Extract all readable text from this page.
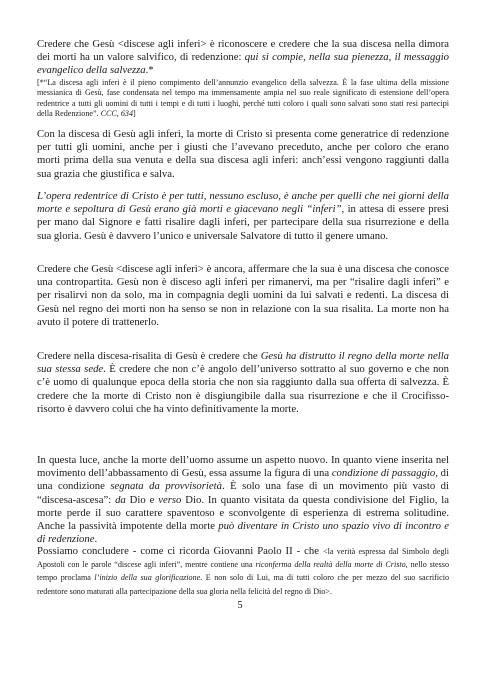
Credere che Gesù <discese agli inferi> è riconoscere e credere che la sua discesa nella dimora dei morti ha un valore salvifico, di redenzione: qui si compie, nella sua pienezza, il messaggio evangelico della salvezza.*

[*“La discesa agli inferi è il pieno compimento dell’annunzio evangelico della salvezza. È la fase ultima della missione messianica di Gesù, fase condensata nel tempo ma immensamente ampia nel suo reale significato di estensione dell’opera redentrice a tutti gli uomini di tutti i tempi e di tutti i luoghi, perché tutti coloro i quali sono salvati sono stati resi partecipi della Redenzione”. CCC, 634]

Con la discesa di Gesù agli inferi, la morte di Cristo si presenta come generatrice di redenzione per tutti gli uomini, anche per i giusti che l’avevano preceduto, anche per coloro che erano morti prima della sua venuta e della sua discesa agli inferi: anch’essi vengono raggiunti dalla sua grazia che giustifica e salva.

L’opera redentrice di Cristo è per tutti, nessuno escluso, è anche per quelli che nei giorni della morte e sepoltura di Gesù erano già morti e giacevano negli “inferi”, in attesa di essere presi per mano dal Signore e fatti risalire dagli inferi, per partecipare della sua risurrezione e della sua gloria. Gesù è davvero l’unico e universale Salvatore di tutto il genere umano.

Credere che Gesù <discese agli inferi> è ancora, affermare che la sua è una discesa che conosce una contropartita. Gesù non è disceso agli inferi per rimanervi, ma per “risalire dagli inferi” e per risalirvi non da solo, ma in compagnia degli uomini da lui salvati e redenti. La discesa di Gesù nel regno dei morti non ha senso se non in relazione con la sua risalita. La morte non ha avuto il potere di trattenerlo.

Credere nella discesa-risalita di Gesù è credere che Gesù ha distrutto il regno della morte nella sua stessa sede. È credere che non c’è angolo dell’universo sottratto al suo governo e che non c’è uomo di qualunque epoca della storia che non sia raggiunto dalla sua offerta di salvezza. È credere che la morte di Cristo non è disgiungibile dalla sua risurrezione e che il Crocifisso-risorto è davvero colui che ha vinto definitivamente la morte.

In questa luce, anche la morte dell’uomo assume un aspetto nuovo. In quanto viene inserita nel movimento dell’abbassamento di Gesù, essa assume la figura di una condizione di passaggio, di una condizione segnata da provvisorietà. È solo una fase di un movimento più vasto di “discesa-ascesa”: da Dio e verso Dio. In quanto visitata da questa condivisione del Figlio, la morte perde il suo carattere spaventoso e sconvolgente di esperienza di estrema solitudine. Anche la passività impotente della morte può diventare in Cristo uno spazio vivo di incontro e di redenzione.

Possiamo concludere - come ci ricorda Giovanni Paolo II - che <la verità espressa dal Simbolo degli Apostoli con le parole “discese agli inferi”, mentre contiene una riconferma della realtà della morte di Cristo, nello stesso tempo proclama l’inizio della sua glorificazione. E non solo di Lui, ma di tutti coloro che per mezzo del suo sacrificio redentore sono maturati alla partecipazione della sua gloria nella felicità del regno di Dio>.

5
